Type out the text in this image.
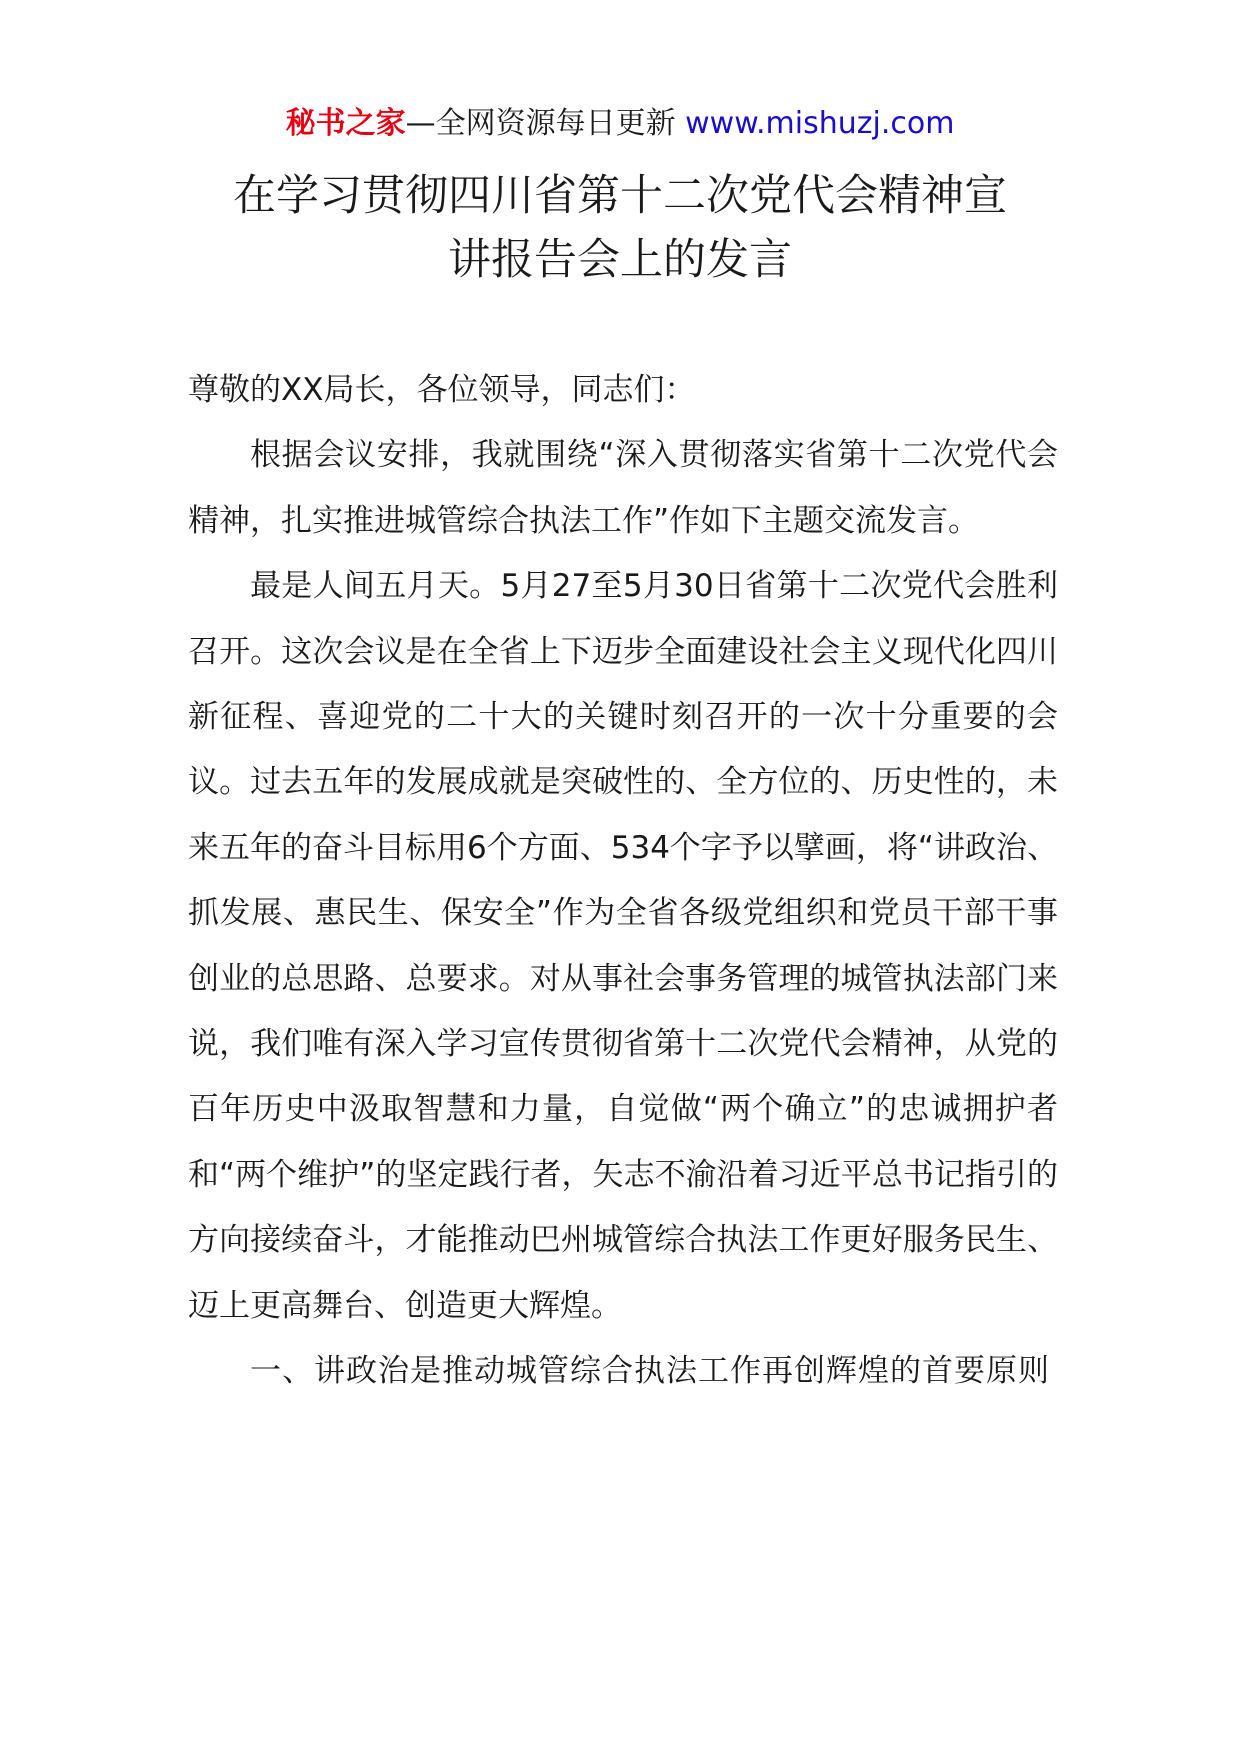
秘书之家—全网资源每日更新 www.mishuzj.com
在学习贯彻四川省第十二次党代会精神宣
讲报告会上的发言

尊敬的XX局长，各位领导，同志们：

根据会议安排，我就围绕“深入贯彻落实省第十二次党代会精神，扎实推进城管综合执法工作”作如下主题交流发言。

最是人间五月天。5月27至5月30日省第十二次党代会胜利召开。这次会议是在全省上下迈步全面建设社会主义现代化四川新征程、喜迎党的二十大的关键时刻召开的一次十分重要的会议。过去五年的发展成就是突破性的、全方位的、历史性的，未来五年的奋斗目标用6个方面、534个字予以擘画，将“讲政治、抓发展、惠民生、保安全”作为全省各级党组织和党员干部干事创业的总思路、总要求。对从事社会事务管理的城管执法部门来说，我们唯有深入学习宣传贯彻省第十二次党代会精神，从党的百年历史中汲取智慧和力量，自觉做“两个确立”的忠诚拥护者和“两个维护”的坚定践行者，矢志不渝沿着习近平总书记指引的方向接续奋斗，才能推动巴州城管综合执法工作更好服务民生、迈上更高舞台、创造更大辉煌。

一、讲政治是推动城管综合执法工作再创辉煌的首要原则
